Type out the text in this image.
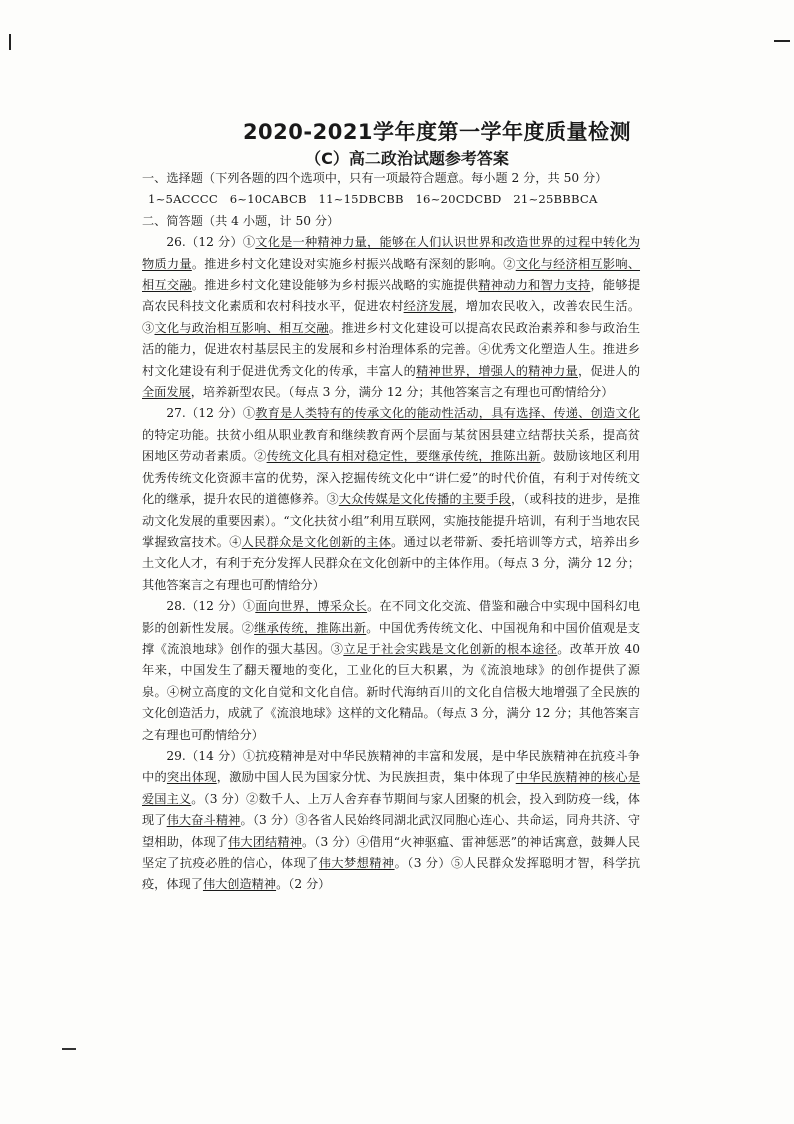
2020-2021学年度第一学年度质量检测
（C）高二政治试题参考答案

一、选择题（下列各题的四个选项中，只有一项最符合题意。每小题 2 分，共 50 分）

1~5ACCCC　6~10CABCB　11~15DBCBB　16~20CDCBD　21~25BBBCA

二、简答题（共 4 小题，计 50 分）

26.（12 分）①文化是一种精神力量，能够在人们认识世界和改造世界的过程中转化为物质力量。推进乡村文化建设对实施乡村振兴战略有深刻的影响。②文化与经济相互影响、相互交融。推进乡村文化建设能够为乡村振兴战略的实施提供精神动力和智力支持，能够提高农民科技文化素质和农村科技水平，促进农村经济发展，增加农民收入，改善农民生活。③文化与政治相互影响、相互交融。推进乡村文化建设可以提高农民政治素养和参与政治生活的能力，促进农村基层民主的发展和乡村治理体系的完善。④优秀文化塑造人生。推进乡村文化建设有利于促进优秀文化的传承，丰富人的精神世界，增强人的精神力量，促进人的全面发展，培养新型农民。（每点 3 分，满分 12 分；其他答案言之有理也可酌情给分）

27.（12 分）①教育是人类特有的传承文化的能动性活动，具有选择、传递、创造文化的特定功能。扶贫小组从职业教育和继续教育两个层面与某贫困县建立结帮扶关系，提高贫困地区劳动者素质。②传统文化具有相对稳定性，要继承传统，推陈出新。鼓励该地区利用优秀传统文化资源丰富的优势，深入挖掘传统文化中“讲仁爱”的时代价值，有利于对传统文化的继承，提升农民的道德修养。③大众传媒是文化传播的主要手段，（或科技的进步，是推动文化发展的重要因素）。“文化扶贫小组”利用互联网，实施技能提升培训，有利于当地农民掌握致富技术。④人民群众是文化创新的主体。通过以老带新、委托培训等方式，培养出乡土文化人才，有利于充分发挥人民群众在文化创新中的主体作用。（每点 3 分，满分 12 分；其他答案言之有理也可酌情给分）

28.（12 分）①面向世界，博采众长。在不同文化交流、借鉴和融合中实现中国科幻电影的创新性发展。②继承传统，推陈出新。中国优秀传统文化、中国视角和中国价值观是支撑《流浪地球》创作的强大基因。③立足于社会实践是文化创新的根本途径。改革开放 40 年来，中国发生了翻天覆地的变化，工业化的巨大积累，为《流浪地球》的创作提供了源泉。④树立高度的文化自觉和文化自信。新时代海纳百川的文化自信极大地增强了全民族的文化创造活力，成就了《流浪地球》这样的文化精品。（每点 3 分，满分 12 分；其他答案言之有理也可酌情给分）

29.（14 分）①抗疫精神是对中华民族精神的丰富和发展，是中华民族精神在抗疫斗争中的突出体现，激励中国人民为国家分忧、为民族担责，集中体现了中华民族精神的核心是爱国主义。（3 分）②数千人、上万人舍弃春节期间与家人团聚的机会，投入到防疫一线，体现了伟大奋斗精神。（3 分）③各省人民始终同湖北武汉同胞心连心、共命运，同舟共济、守望相助，体现了伟大团结精神。（3 分）④借用“火神驱瘟、雷神惩恶”的神话寓意，鼓舞人民坚定了抗疫必胜的信心，体现了伟大梦想精神。（3 分）⑤人民群众发挥聪明才智，科学抗疫，体现了伟大创造精神。（2 分）
